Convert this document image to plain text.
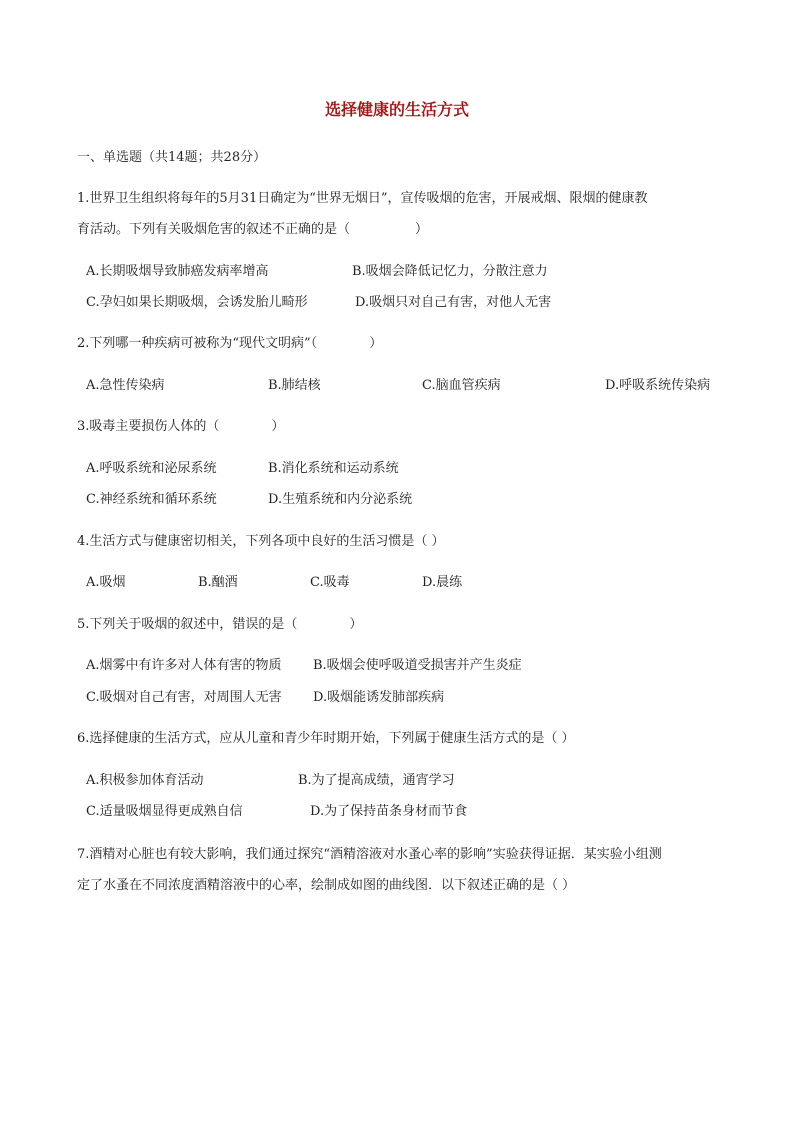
选择健康的生活方式
一、单选题（共14题；共28分）
1.世界卫生组织将每年的5月31日确定为“世界无烟日”，宣传吸烟的危害，开展戒烟、限烟的健康教
育活动。下列有关吸烟危害的叙述不正确的是（　　　　　）
A.长期吸烟导致肺癌发病率增高	B.吸烟会降低记忆力，分散注意力
C.孕妇如果长期吸烟，会诱发胎儿畸形	D.吸烟只对自己有害，对他人无害
2.下列哪一种疾病可被称为“现代文明病”（　　　　）
A.急性传染病	B.肺结核	C.脑血管疾病	D.呼吸系统传染病
3.吸毒主要损伤人体的（　　　　）
A.呼吸系统和泌尿系统	B.消化系统和运动系统
C.神经系统和循环系统	D.生殖系统和内分泌系统
4.生活方式与健康密切相关，下列各项中良好的生活习惯是（ ）
A.吸烟	B.酗酒	C.吸毒	D.晨练
5.下列关于吸烟的叙述中，错误的是（　　　　）
A.烟雾中有许多对人体有害的物质 B.吸烟会使呼吸道受损害并产生炎症
C.吸烟对自己有害，对周围人无害 D.吸烟能诱发肺部疾病
6.选择健康的生活方式，应从儿童和青少年时期开始，下列属于健康生活方式的是（ ）
A.积极参加体育活动	B.为了提高成绩，通宵学习
C.适量吸烟显得更成熟自信	D.为了保持苗条身材而节食
7.酒精对心脏也有较大影响，我们通过探究“酒精溶液对水蚤心率的影响”实验获得证据．某实验小组测
定了水蚤在不同浓度酒精溶液中的心率，绘制成如图的曲线图．以下叙述正确的是（ ）
